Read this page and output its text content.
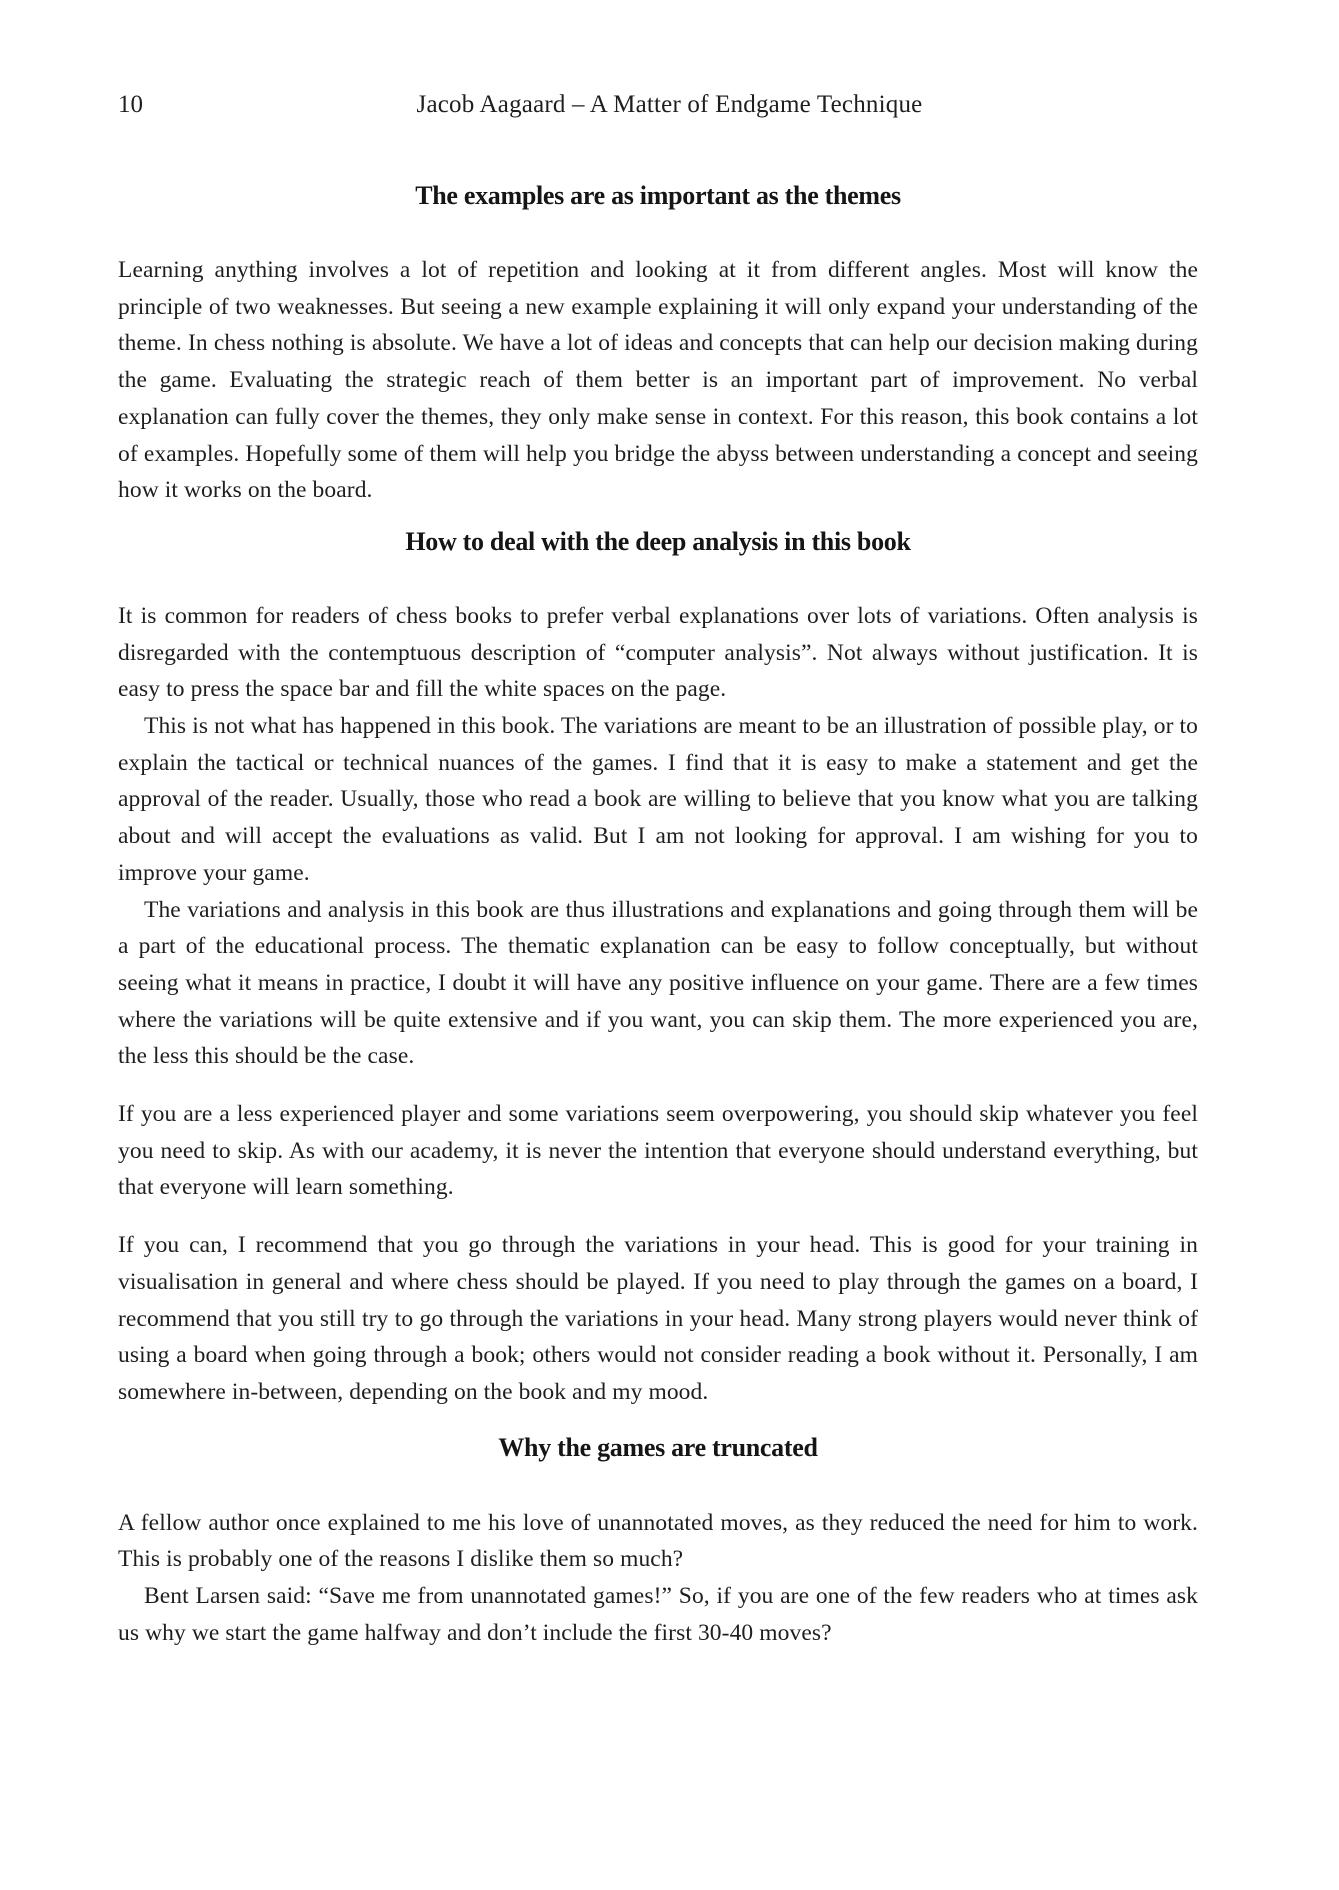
10	Jacob Aagaard – A Matter of Endgame Technique
The examples are as important as the themes

Learning anything involves a lot of repetition and looking at it from different angles. Most will know the principle of two weaknesses. But seeing a new example explaining it will only expand your understanding of the theme. In chess nothing is absolute. We have a lot of ideas and concepts that can help our decision making during the game. Evaluating the strategic reach of them better is an important part of improvement. No verbal explanation can fully cover the themes, they only make sense in context. For this reason, this book contains a lot of examples. Hopefully some of them will help you bridge the abyss between understanding a concept and seeing how it works on the board.

How to deal with the deep analysis in this book

It is common for readers of chess books to prefer verbal explanations over lots of variations. Often analysis is disregarded with the contemptuous description of “computer analysis”. Not always without justification. It is easy to press the space bar and fill the white spaces on the page.

This is not what has happened in this book. The variations are meant to be an illustration of possible play, or to explain the tactical or technical nuances of the games. I find that it is easy to make a statement and get the approval of the reader. Usually, those who read a book are willing to believe that you know what you are talking about and will accept the evaluations as valid. But I am not looking for approval. I am wishing for you to improve your game.

The variations and analysis in this book are thus illustrations and explanations and going through them will be a part of the educational process. The thematic explanation can be easy to follow conceptually, but without seeing what it means in practice, I doubt it will have any positive influence on your game. There are a few times where the variations will be quite extensive and if you want, you can skip them. The more experienced you are, the less this should be the case.

If you are a less experienced player and some variations seem overpowering, you should skip whatever you feel you need to skip. As with our academy, it is never the intention that everyone should understand everything, but that everyone will learn something.

If you can, I recommend that you go through the variations in your head. This is good for your training in visualisation in general and where chess should be played. If you need to play through the games on a board, I recommend that you still try to go through the variations in your head. Many strong players would never think of using a board when going through a book; others would not consider reading a book without it. Personally, I am somewhere in-between, depending on the book and my mood.

Why the games are truncated

A fellow author once explained to me his love of unannotated moves, as they reduced the need for him to work. This is probably one of the reasons I dislike them so much?

Bent Larsen said: “Save me from unannotated games!” So, if you are one of the few readers who at times ask us why we start the game halfway and don’t include the first 30-40 moves?
